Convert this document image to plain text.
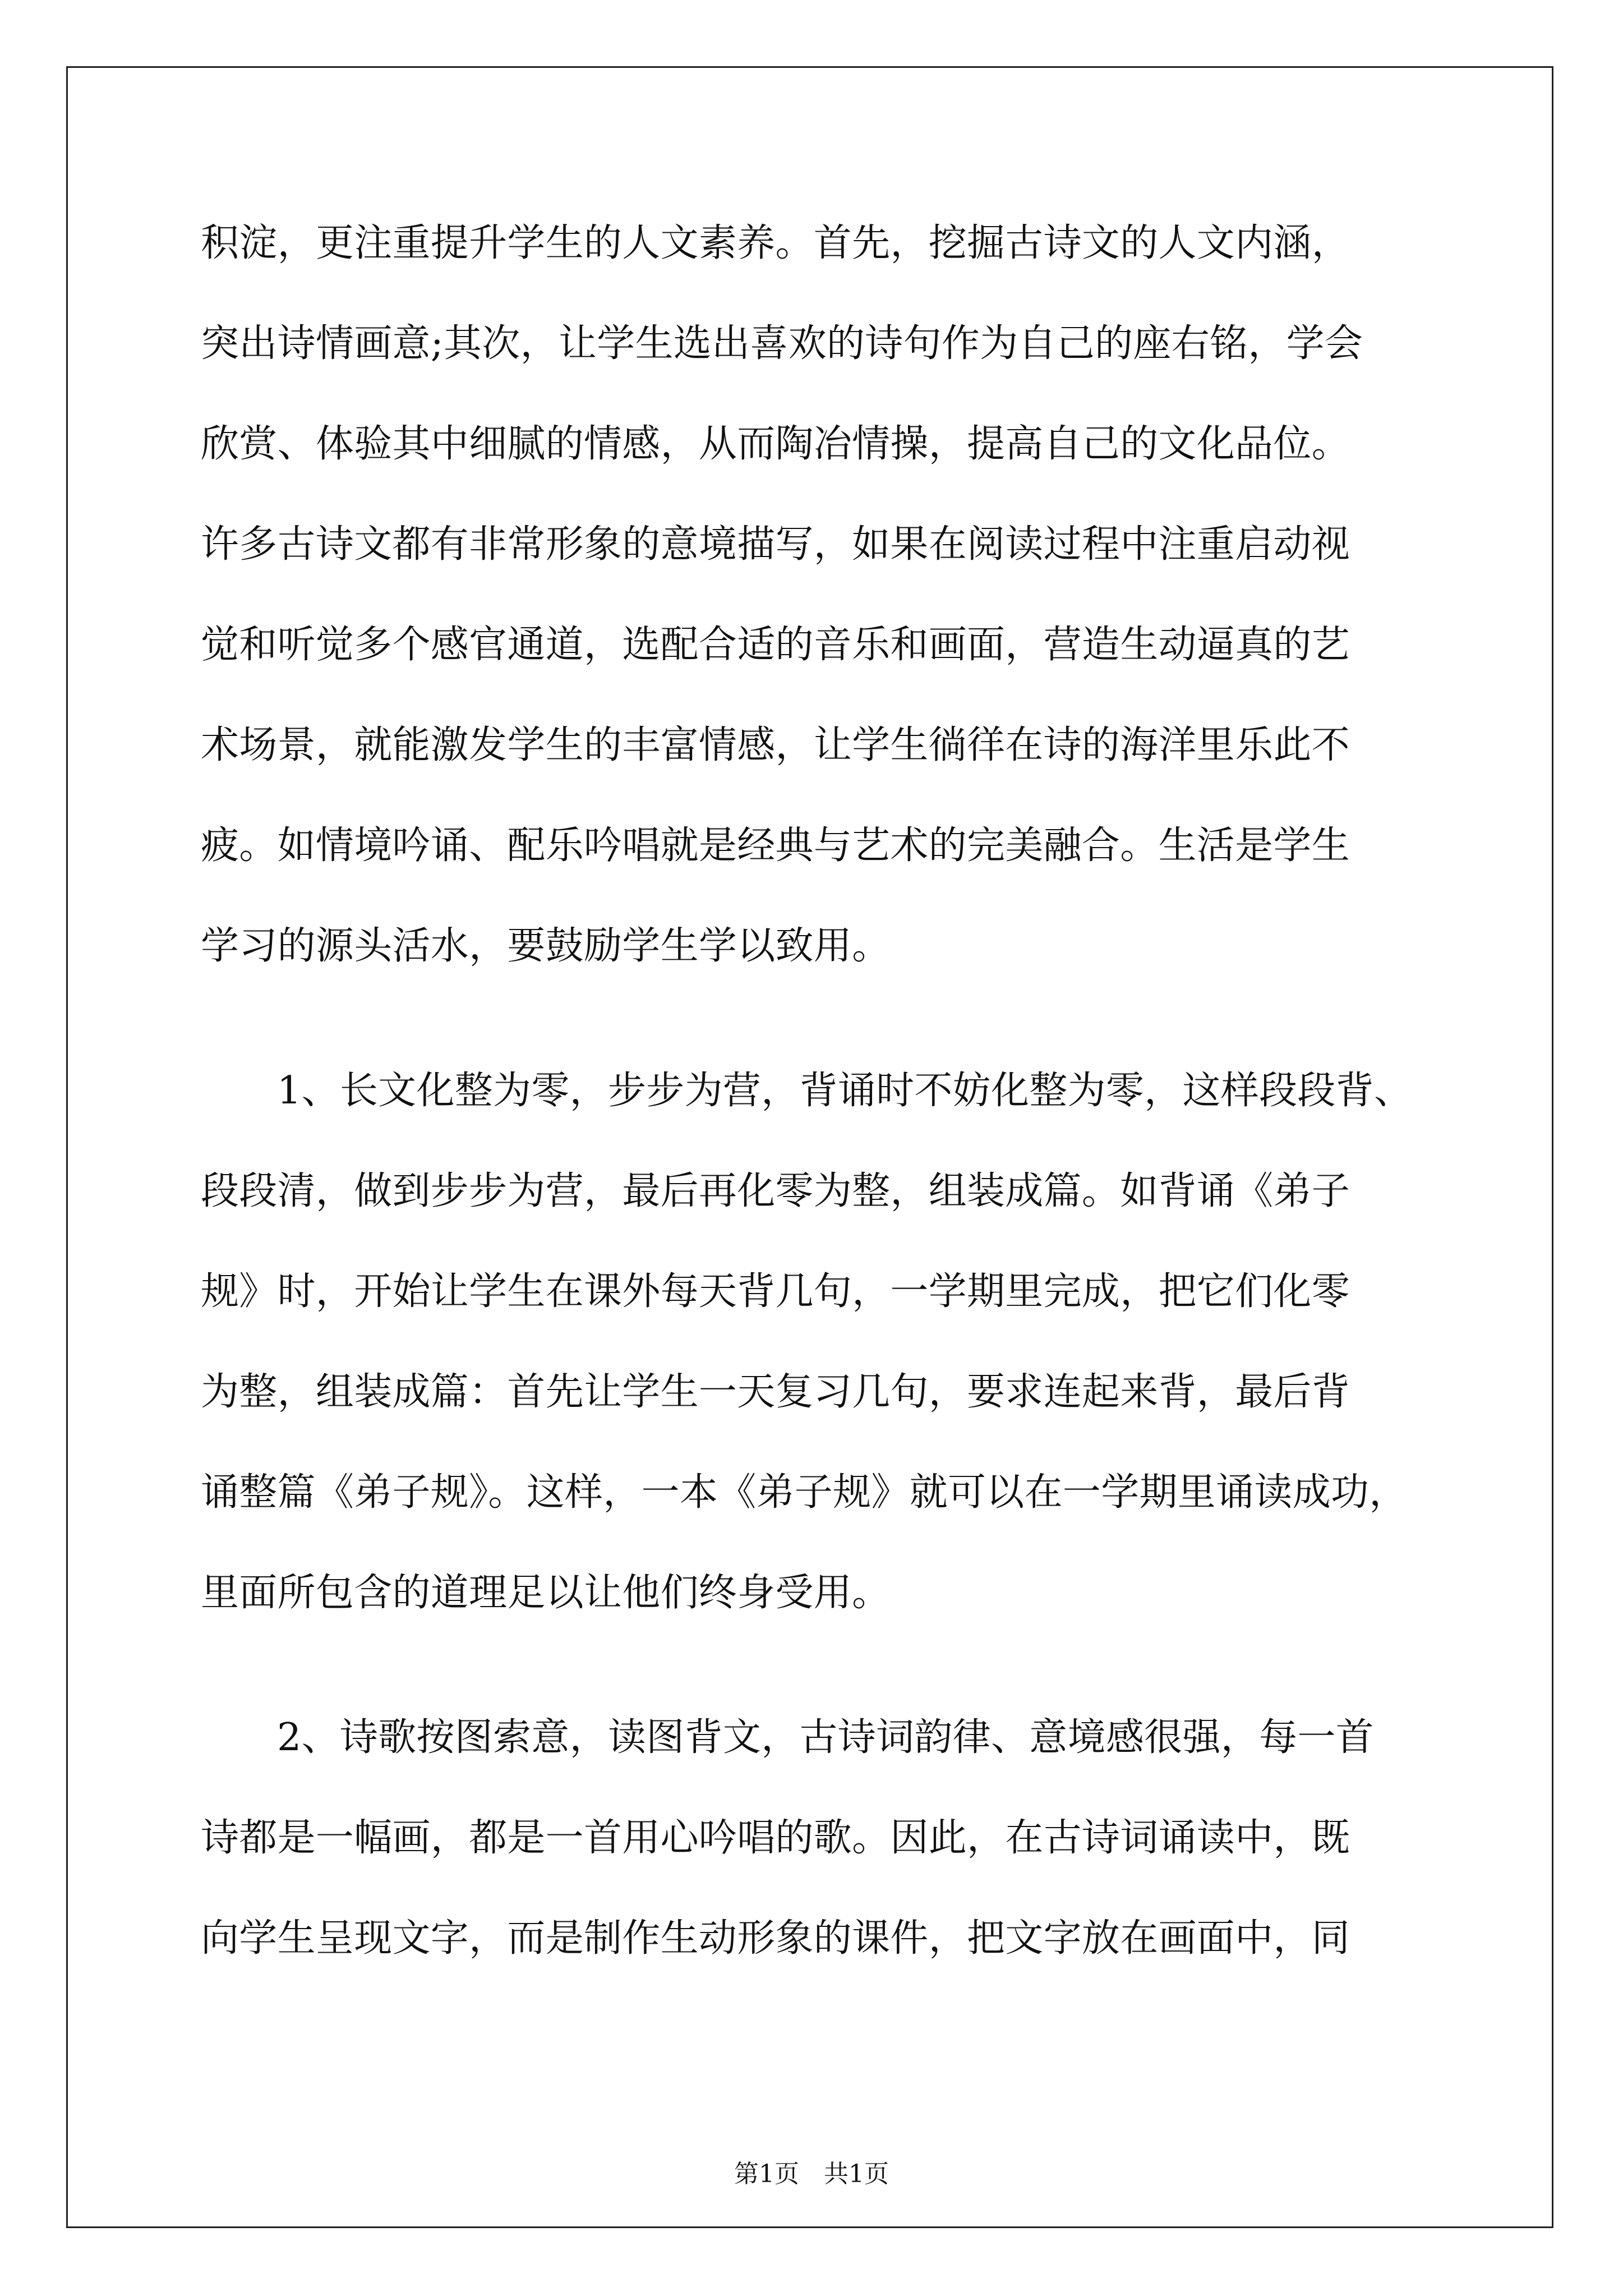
积淀，更注重提升学生的人文素养。首先，挖掘古诗文的人文内涵，
突出诗情画意;其次，让学生选出喜欢的诗句作为自己的座右铭，学会
欣赏、体验其中细腻的情感，从而陶冶情操，提高自己的文化品位。
许多古诗文都有非常形象的意境描写，如果在阅读过程中注重启动视
觉和听觉多个感官通道，选配合适的音乐和画面，营造生动逼真的艺
术场景，就能激发学生的丰富情感，让学生徜徉在诗的海洋里乐此不
疲。如情境吟诵、配乐吟唱就是经典与艺术的完美融合。生活是学生
学习的源头活水，要鼓励学生学以致用。
1、长文化整为零，步步为营，背诵时不妨化整为零，这样段段背、
段段清，做到步步为营，最后再化零为整，组装成篇。如背诵《弟子
规》时，开始让学生在课外每天背几句，一学期里完成，把它们化零
为整，组装成篇：首先让学生一天复习几句，要求连起来背，最后背
诵整篇《弟子规》。这样，一本《弟子规》就可以在一学期里诵读成功，
里面所包含的道理足以让他们终身受用。
2、诗歌按图索意，读图背文，古诗词韵律、意境感很强，每一首
诗都是一幅画，都是一首用心吟唱的歌。因此，在古诗词诵读中，既
向学生呈现文字，而是制作生动形象的课件，把文字放在画面中，同
第1页　共1页
